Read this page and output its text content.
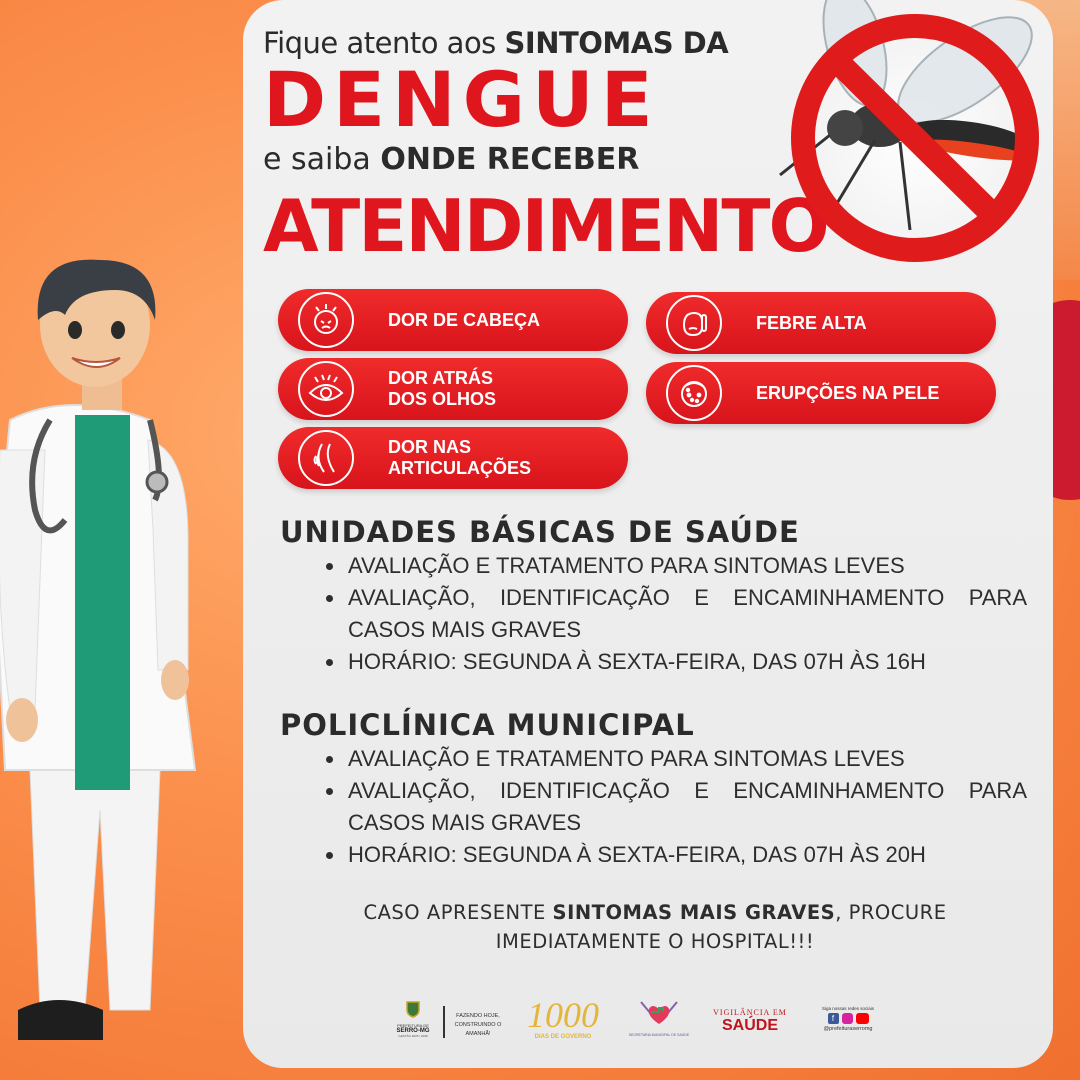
Fique atento aos SINTOMAS DA
DENGUE
e saiba ONDE RECEBER
ATENDIMENTO
DOR DE CABEÇA	FEBRE ALTA
DOR ATRÁS
DOS OLHOS	ERUPÇÕES NA PELE
DOR NAS
ARTICULAÇÕES
UNIDADES BÁSICAS DE SAÚDE
AVALIAÇÃO E TRATAMENTO PARA SINTOMAS LEVES
AVALIAÇÃO, IDENTIFICAÇÃO E ENCAMINHAMENTO PARA CASOS MAIS GRAVES
HORÁRIO: SEGUNDA À SEXTA-FEIRA, DAS 07H ÀS 16H
POLICLÍNICA MUNICIPAL
AVALIAÇÃO E TRATAMENTO PARA SINTOMAS LEVES
AVALIAÇÃO, IDENTIFICAÇÃO E ENCAMINHAMENTO PARA CASOS MAIS GRAVES
HORÁRIO: SEGUNDA À SEXTA-FEIRA, DAS 07H ÀS 20H
CASO APRESENTE SINTOMAS MAIS GRAVES, PROCURE
IMEDIATAMENTE O HOSPITAL!!!
PREFEITURA DE
SERRO-MG
GESTÃO 2025 / 2028
FAZENDO HOJE,
CONSTRUINDO O AMANHÃ!	1000
DIAS DE GOVERNO	SECRETARIA MUNICIPAL DE SAÚDE
VIGILÂNCIA EM
SAÚDE
Siga nossas redes sociais
f
@prefeituraserromg
